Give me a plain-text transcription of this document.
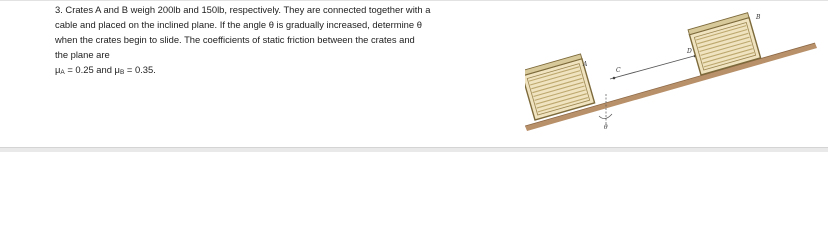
3. Crates A and B weigh 200lb and 150lb, respectively. They are connected together with a

cable and placed on the inclined plane. If the angle θ is gradually increased, determine θ

when the crates begin to slide. The coefficients of static friction between the crates and

the plane are

$\mu_A = 0.25$ and $\mu_B = 0.35$.	A
C
D
B
θ
